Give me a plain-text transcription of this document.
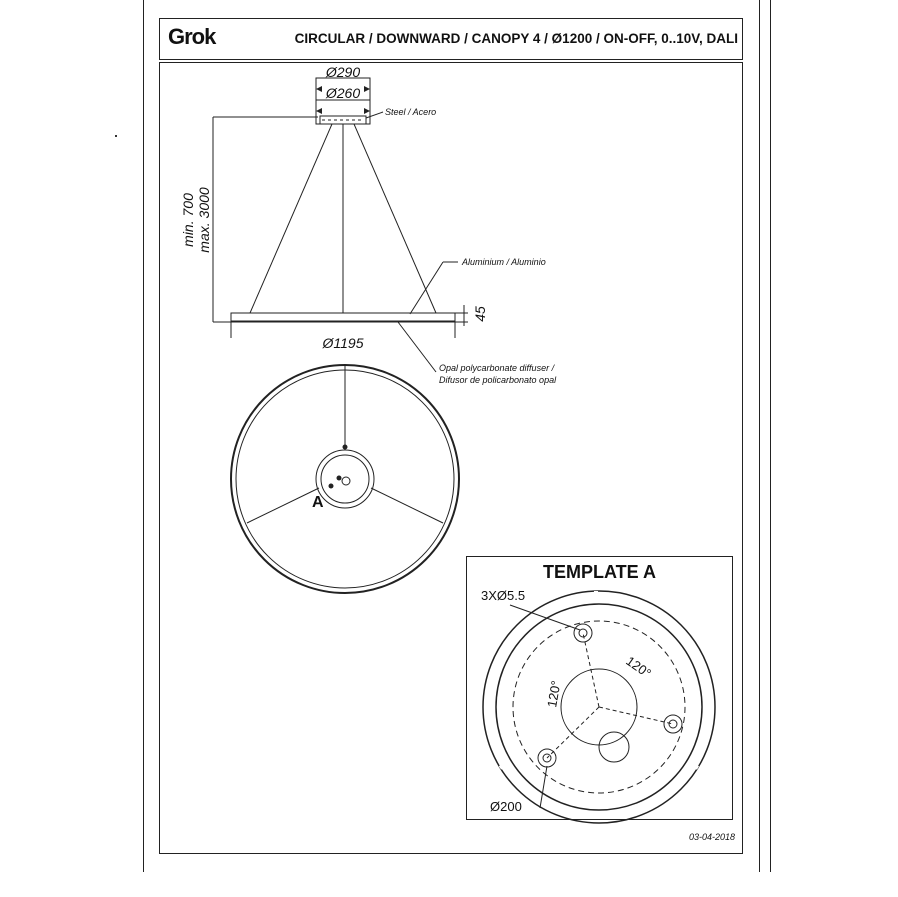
Grok	CIRCULAR / DOWNWARD / CANOPY 4 / Ø1200 / ON-OFF, 0..10V, DALI
Ø290
Ø260
Ø1195
min. 700 max. 3000
45
Steel / Acero
Aluminium / Aluminio
Opal polycarbonate diffuser /
Difusor de policarbonato opal
03-04-2018
A
3XØ5.5
Ø200
120°
120°
TEMPLATE A
